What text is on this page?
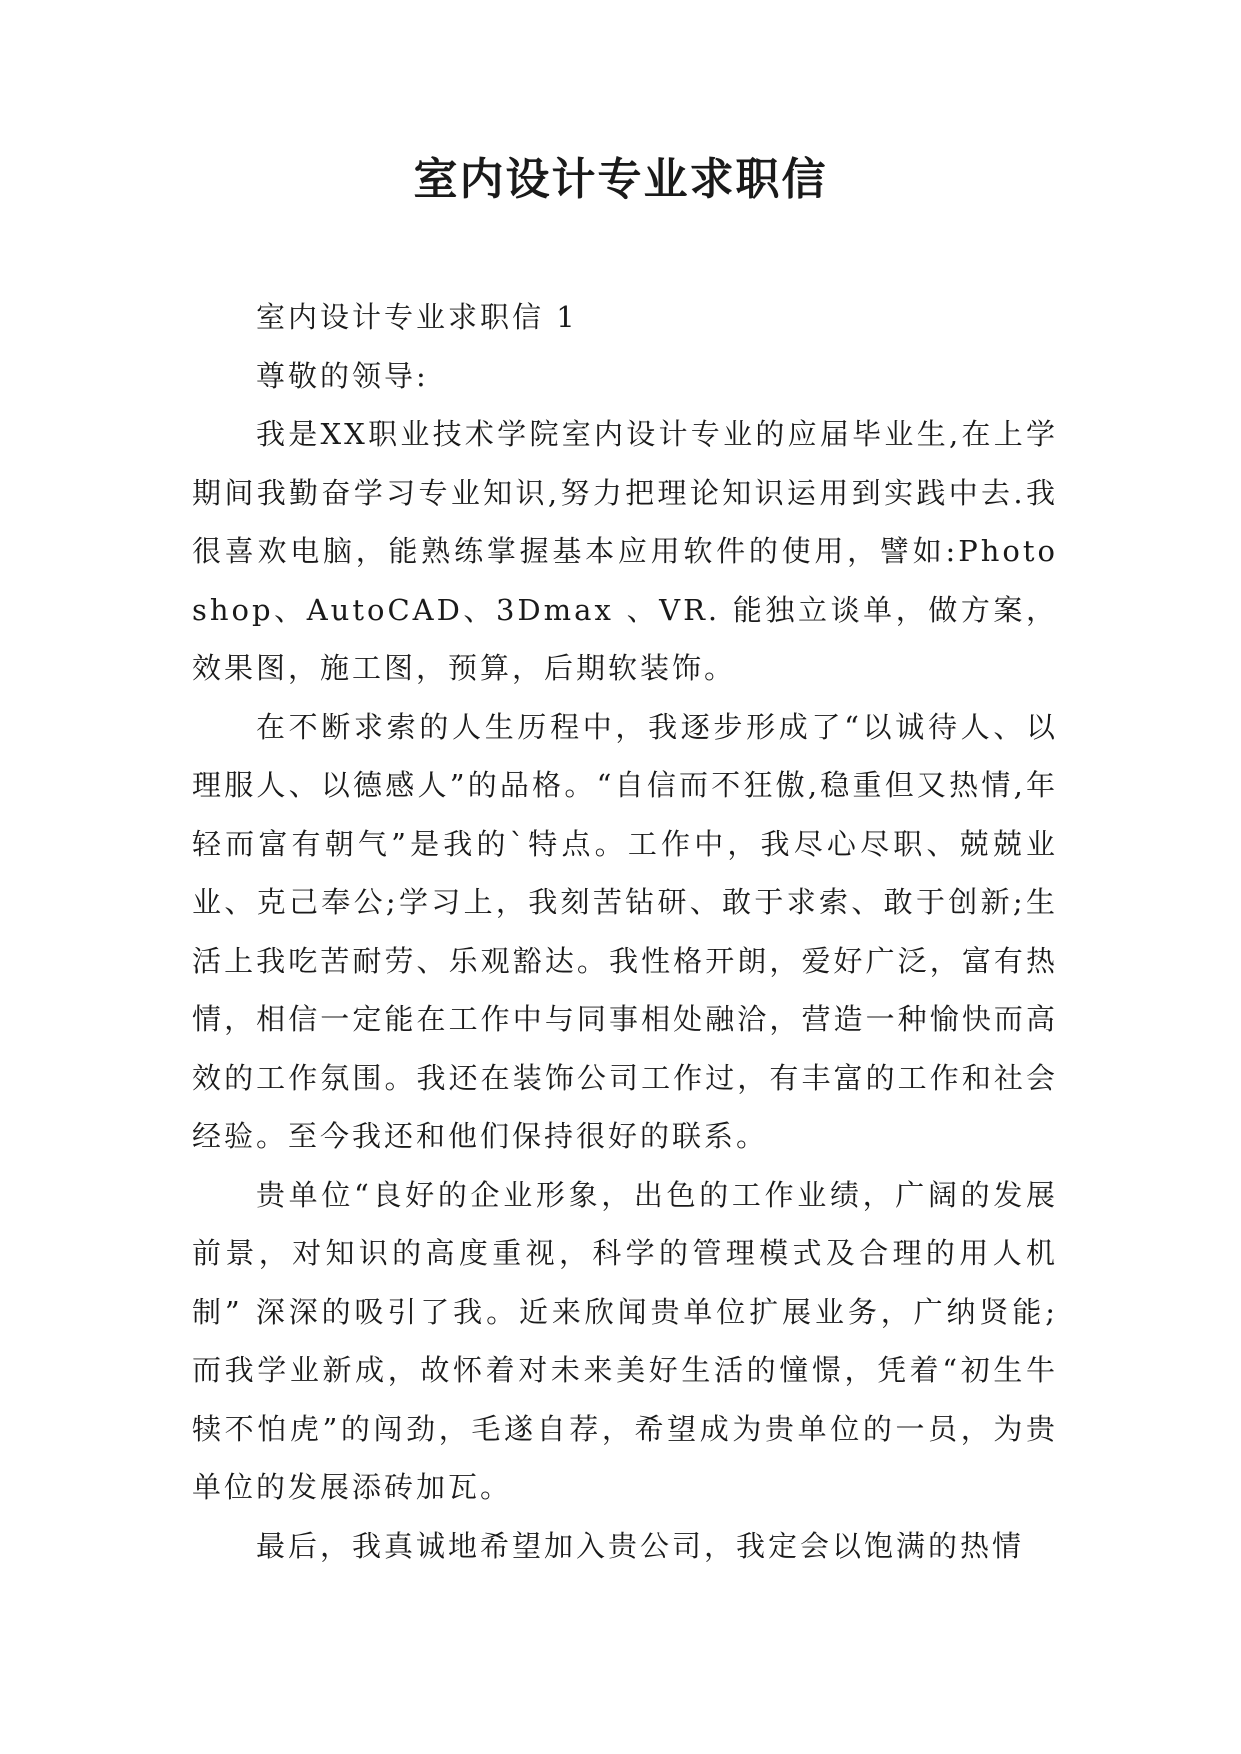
室内设计专业求职信

室内设计专业求职信 1

尊敬的领导:

我是XX职业技术学院室内设计专业的应届毕业生,在上学期间我勤奋学习专业知识,努力把理论知识运用到实践中去.我很喜欢电脑，能熟练掌握基本应用软件的使用，譬如:Photoshop、AutoCAD、3Dmax 、VR. 能独立谈单，做方案，效果图，施工图，预算，后期软装饰。

在不断求索的人生历程中，我逐步形成了“以诚待人、以理服人、以德感人”的品格。“自信而不狂傲,稳重但又热情,年轻而富有朝气”是我的`特点。工作中，我尽心尽职、兢兢业业、克己奉公;学习上，我刻苦钻研、敢于求索、敢于创新;生活上我吃苦耐劳、乐观豁达。我性格开朗，爱好广泛，富有热情，相信一定能在工作中与同事相处融洽，营造一种愉快而高效的工作氛围。我还在装饰公司工作过，有丰富的工作和社会经验。至今我还和他们保持很好的联系。

贵单位“良好的企业形象，出色的工作业绩，广阔的发展前景，对知识的高度重视，科学的管理模式及合理的用人机制” 深深的吸引了我。近来欣闻贵单位扩展业务，广纳贤能;而我学业新成，故怀着对未来美好生活的憧憬，凭着“初生牛犊不怕虎”的闯劲，毛遂自荐，希望成为贵单位的一员，为贵单位的发展添砖加瓦。

最后，我真诚地希望加入贵公司，我定会以饱满的热情
